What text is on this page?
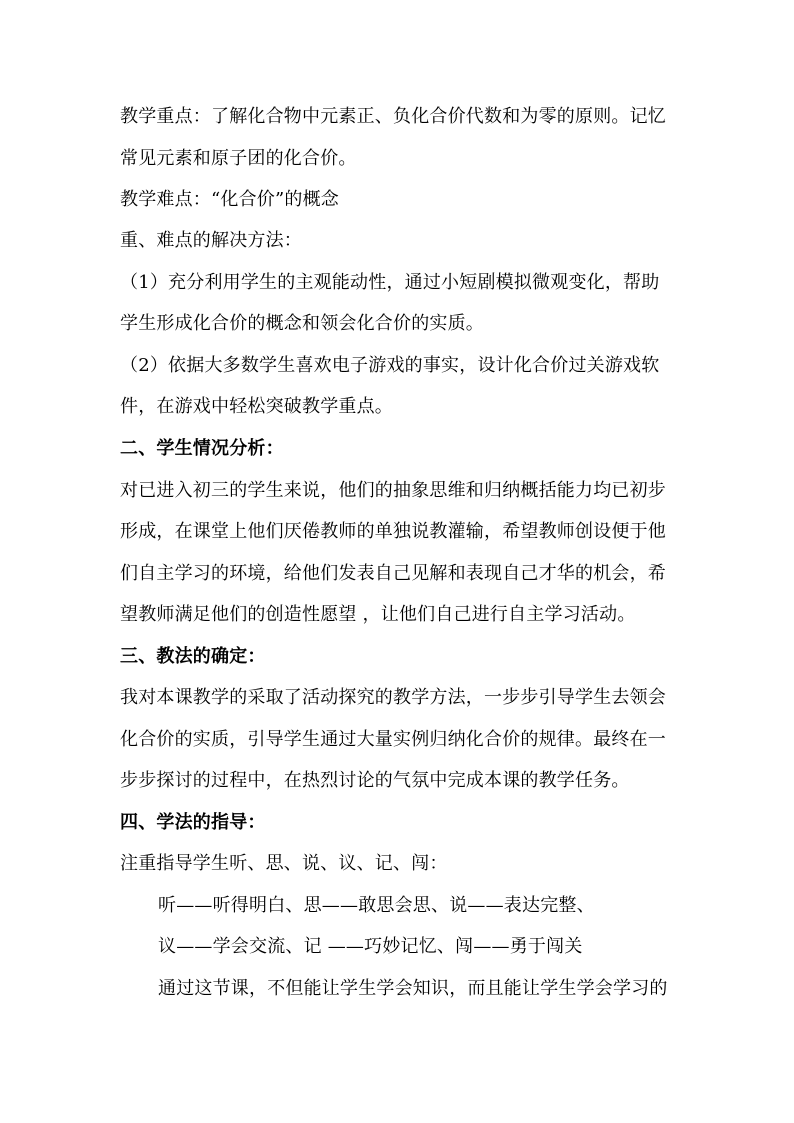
教学重点：了解化合物中元素正、负化合价代数和为零的原则。记忆
常见元素和原子团的化合价。
教学难点：“化合价”的概念
重、难点的解决方法：
（1）充分利用学生的主观能动性，通过小短剧模拟微观变化，帮助
学生形成化合价的概念和领会化合价的实质。
（2）依据大多数学生喜欢电子游戏的事实，设计化合价过关游戏软
件，在游戏中轻松突破教学重点。
二、学生情况分析：
对已进入初三的学生来说，他们的抽象思维和归纳概括能力均已初步
形成，在课堂上他们厌倦教师的单独说教灌输，希望教师创设便于他
们自主学习的环境，给他们发表自己见解和表现自己才华的机会，希
望教师满足他们的创造性愿望 ，让他们自己进行自主学习活动。
三、教法的确定：
我对本课教学的采取了活动探究的教学方法，一步步引导学生去领会
化合价的实质，引导学生通过大量实例归纳化合价的规律。最终在一
步步探讨的过程中，在热烈讨论的气氛中完成本课的教学任务。
四、学法的指导：
注重指导学生听、思、说、议、记、闯：
听——听得明白、思——敢思会思、说——表达完整、
议——学会交流、记 ——巧妙记忆、闯——勇于闯关
通过这节课，不但能让学生学会知识，而且能让学生学会学习的
